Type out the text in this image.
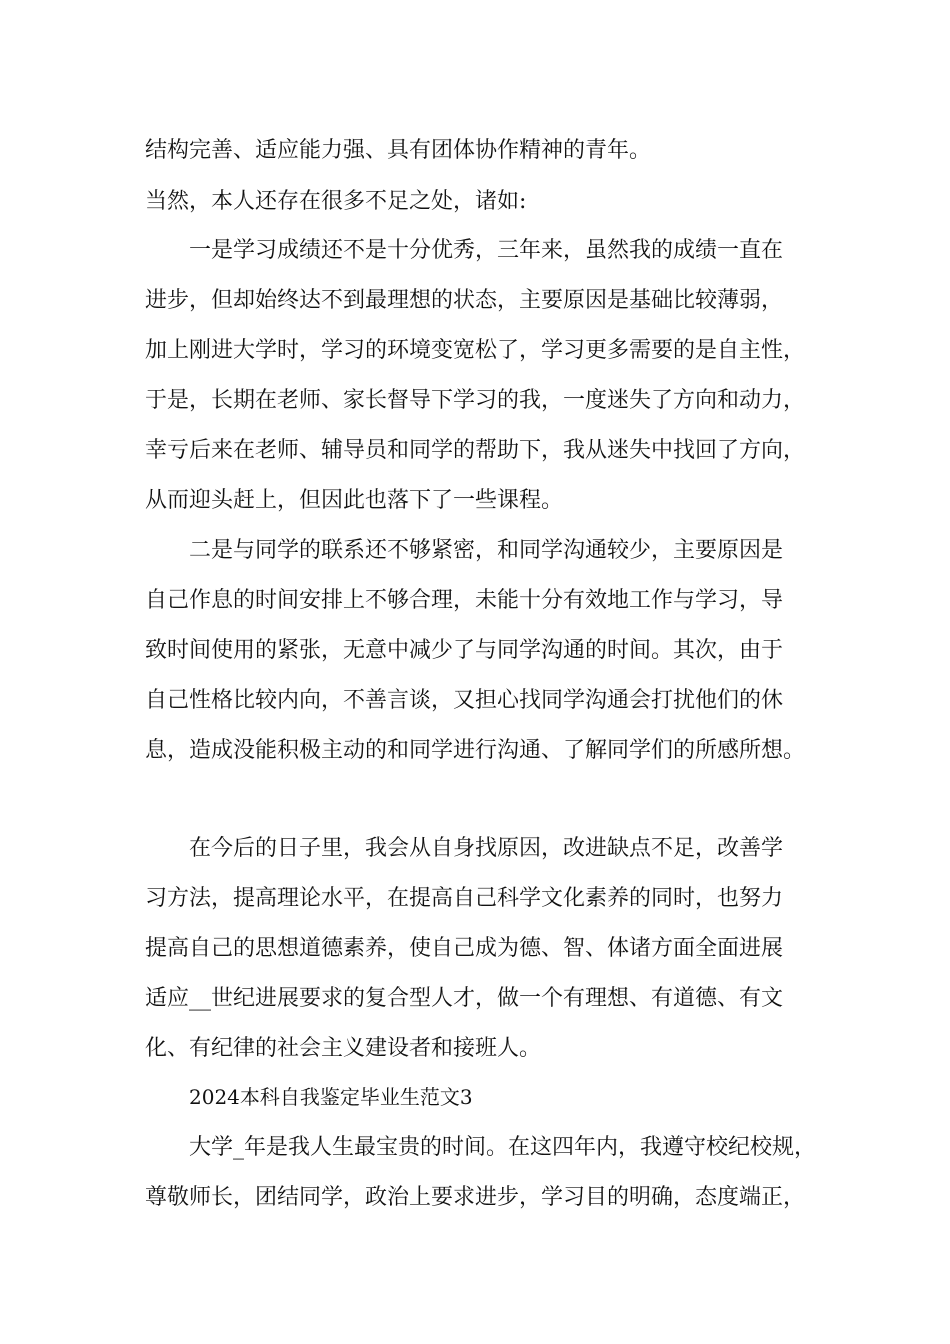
结构完善、适应能力强、具有团体协作精神的青年。
当然，本人还存在很多不足之处，诸如:
一是学习成绩还不是十分优秀，三年来，虽然我的成绩一直在
进步，但却始终达不到最理想的状态，主要原因是基础比较薄弱，
加上刚进大学时，学习的环境变宽松了，学习更多需要的是自主性，
于是，长期在老师、家长督导下学习的我，一度迷失了方向和动力，
幸亏后来在老师、辅导员和同学的帮助下，我从迷失中找回了方向，
从而迎头赶上，但因此也落下了一些课程。
二是与同学的联系还不够紧密，和同学沟通较少，主要原因是
自己作息的时间安排上不够合理，未能十分有效地工作与学习，导
致时间使用的紧张，无意中减少了与同学沟通的时间。其次，由于
自己性格比较内向，不善言谈，又担心找同学沟通会打扰他们的休
息，造成没能积极主动的和同学进行沟通、了解同学们的所感所想。
在今后的日子里，我会从自身找原因，改进缺点不足，改善学
习方法，提高理论水平，在提高自己科学文化素养的同时，也努力
提高自己的思想道德素养，使自己成为德、智、体诸方面全面进展
适应__世纪进展要求的复合型人才，做一个有理想、有道德、有文
化、有纪律的社会主义建设者和接班人。
2024本科自我鉴定毕业生范文3
大学_年是我人生最宝贵的时间。在这四年内，我遵守校纪校规，
尊敬师长，团结同学，政治上要求进步，学习目的明确，态度端正，
